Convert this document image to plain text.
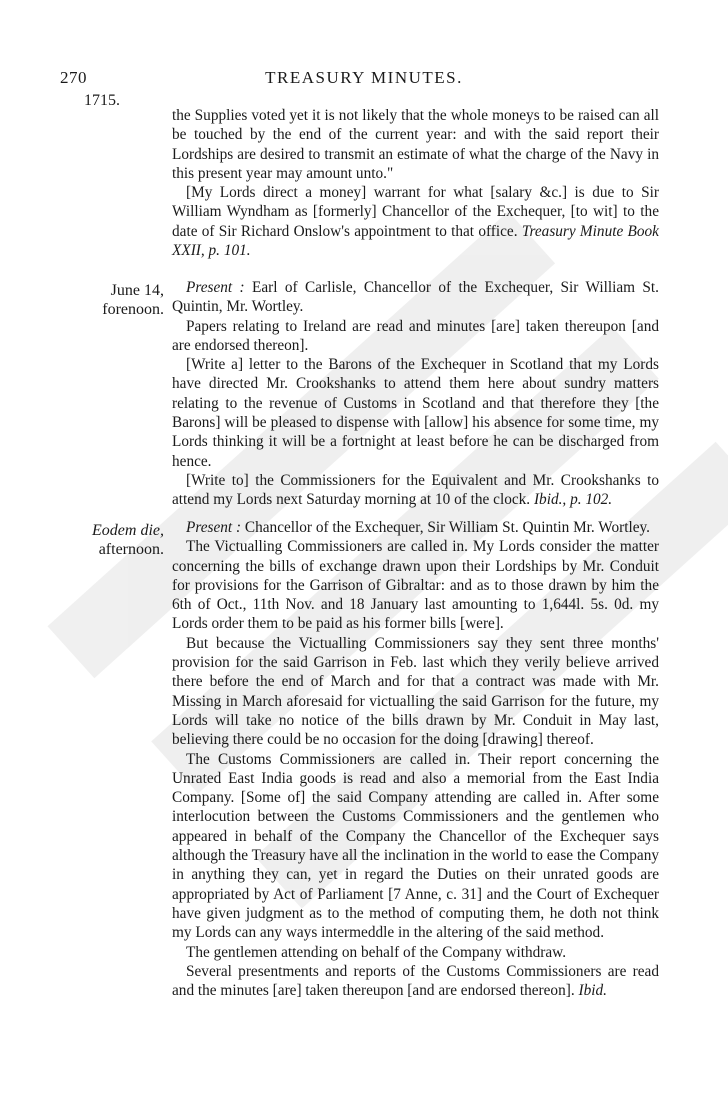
270	TREASURY MINUTES.
1715.

the Supplies voted yet it is not likely that the whole moneys to be raised can all be touched by the end of the current year: and with the said report their Lordships are desired to transmit an estimate of what the charge of the Navy in this present year may amount unto."

[My Lords direct a money] warrant for what [salary &c.] is due to Sir William Wyndham as [formerly] Chancellor of the Exchequer, [to wit] to the date of Sir Richard Onslow's appointment to that office. Treasury Minute Book XXII, p. 101.

June 14,
forenoon.

Present : Earl of Carlisle, Chancellor of the Exchequer, Sir William St. Quintin, Mr. Wortley.

Papers relating to Ireland are read and minutes [are] taken thereupon [and are endorsed thereon].

[Write a] letter to the Barons of the Exchequer in Scotland that my Lords have directed Mr. Crookshanks to attend them here about sundry matters relating to the revenue of Customs in Scotland and that therefore they [the Barons] will be pleased to dispense with [allow] his absence for some time, my Lords thinking it will be a fortnight at least before he can be discharged from hence.

[Write to] the Commissioners for the Equivalent and Mr. Crookshanks to attend my Lords next Saturday morning at 10 of the clock. Ibid., p. 102.

Eodem die,
afternoon.

Present : Chancellor of the Exchequer, Sir William St. Quintin Mr. Wortley.

The Victualling Commissioners are called in. My Lords consider the matter concerning the bills of exchange drawn upon their Lordships by Mr. Conduit for provisions for the Garrison of Gibraltar: and as to those drawn by him the 6th of Oct., 11th Nov. and 18 January last amounting to 1,644l. 5s. 0d. my Lords order them to be paid as his former bills [were].

But because the Victualling Commissioners say they sent three months' provision for the said Garrison in Feb. last which they verily believe arrived there before the end of March and for that a contract was made with Mr. Missing in March aforesaid for victualling the said Garrison for the future, my Lords will take no notice of the bills drawn by Mr. Conduit in May last, believing there could be no occasion for the doing [drawing] thereof.

The Customs Commissioners are called in. Their report concerning the Unrated East India goods is read and also a memorial from the East India Company. [Some of] the said Company attending are called in. After some interlocution between the Customs Commissioners and the gentlemen who appeared in behalf of the Company the Chancellor of the Exchequer says although the Treasury have all the inclination in the world to ease the Company in anything they can, yet in regard the Duties on their unrated goods are appropriated by Act of Parliament [7 Anne, c. 31] and the Court of Exchequer have given judgment as to the method of computing them, he doth not think my Lords can any ways intermeddle in the altering of the said method.

The gentlemen attending on behalf of the Company withdraw.

Several presentments and reports of the Customs Commissioners are read and the minutes [are] taken thereupon [and are endorsed thereon]. Ibid.
